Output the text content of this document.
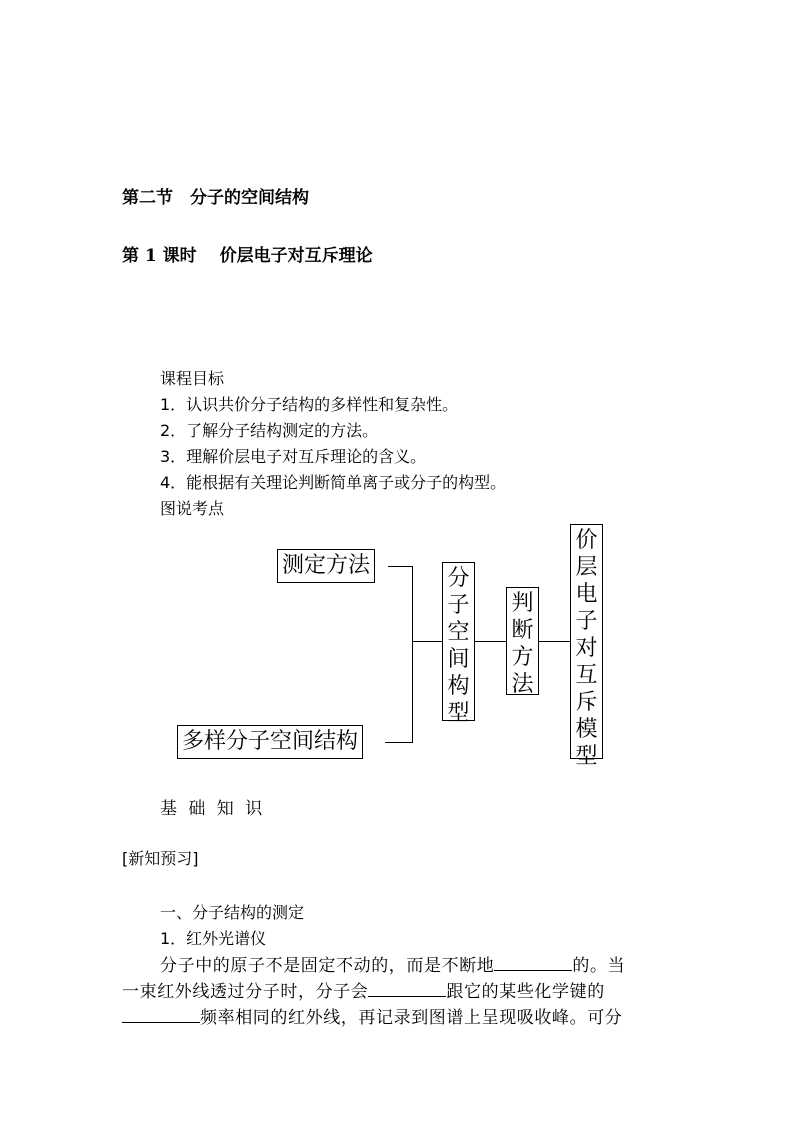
第二节　分子的空间结构
第 1 课时　 价层电子对互斥理论
课程目标
1．认识共价分子结构的多样性和复杂性。
2．了解分子结构测定的方法。
3．理解价层电子对互斥理论的含义。
4．能根据有关理论判断简单离子或分子的构型。
图说考点
测定方法
多样分子空间结构
分
子
空
间
构
型
判
断
方
法
价
层
电
子
对
互
斥
模
型
基 础 知 识
[新知预习]
一、分子结构的测定
1．红外光谱仪
分子中的原子不是固定不动的，而是不断地	的。当
一束红外线透过分子时，分子会	跟它的某些化学键的
频率相同的红外线，再记录到图谱上呈现吸收峰。可分
